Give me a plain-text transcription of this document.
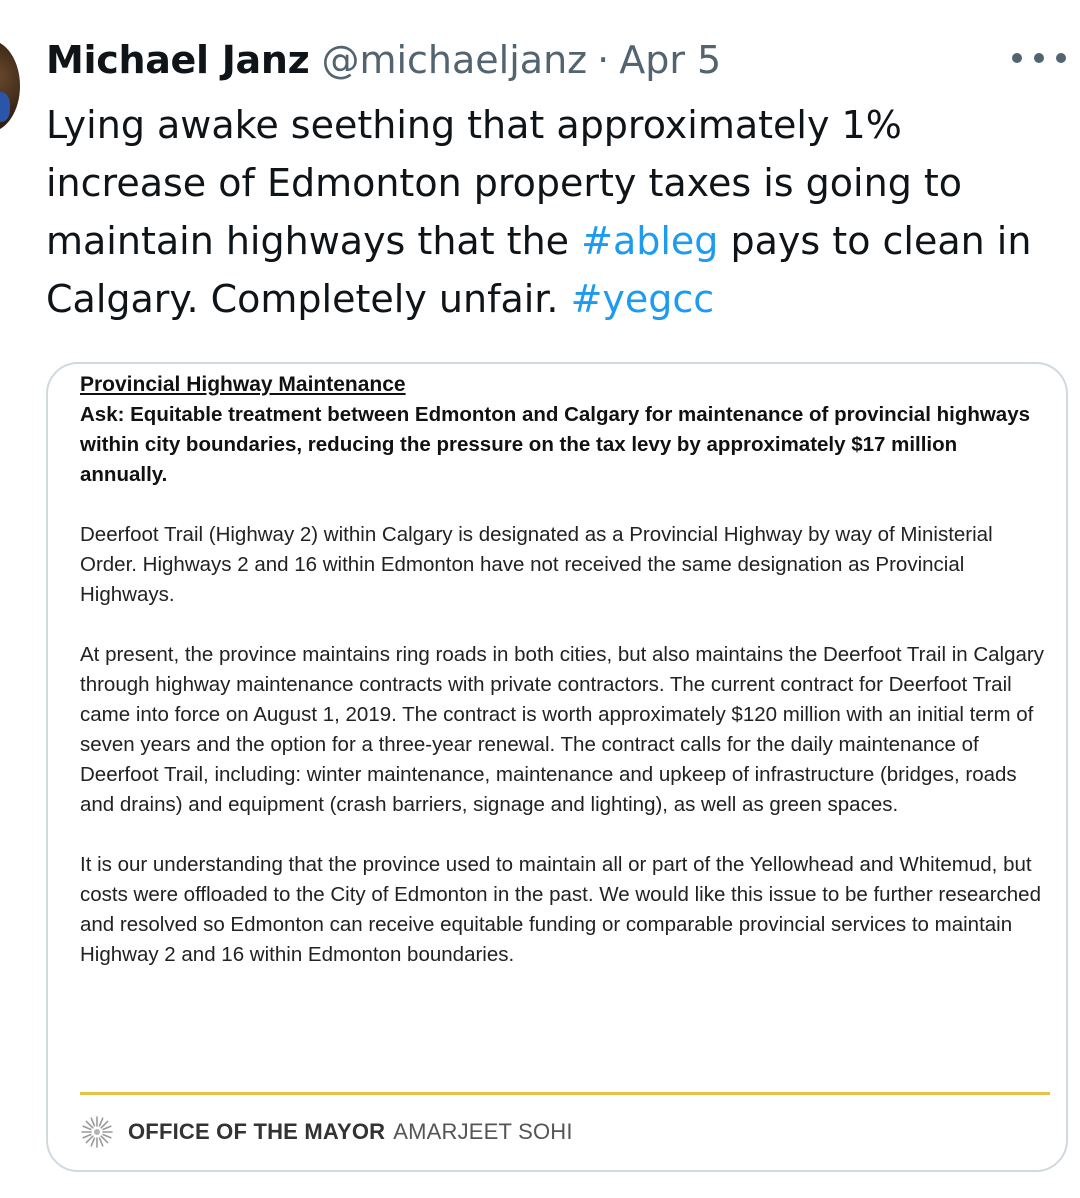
Michael Janz @michaeljanz · Apr 5
Lying awake seething that approximately 1% increase of Edmonton property taxes is going to maintain highways that the #ableg pays to clean in Calgary. Completely unfair. #yegcc

Provincial Highway Maintenance

Ask: Equitable treatment between Edmonton and Calgary for maintenance of provincial highways within city boundaries, reducing the pressure on the tax levy by approximately $17 million annually.

Deerfoot Trail (Highway 2) within Calgary is designated as a Provincial Highway by way of Ministerial Order. Highways 2 and 16 within Edmonton have not received the same designation as Provincial Highways.

At present, the province maintains ring roads in both cities, but also maintains the Deerfoot Trail in Calgary through highway maintenance contracts with private contractors. The current contract for Deerfoot Trail came into force on August 1, 2019. The contract is worth approximately $120 million with an initial term of seven years and the option for a three-year renewal. The contract calls for the daily maintenance of Deerfoot Trail, including: winter maintenance, maintenance and upkeep of infrastructure (bridges, roads and drains) and equipment (crash barriers, signage and lighting), as well as green spaces.

It is our understanding that the province used to maintain all or part of the Yellowhead and Whitemud, but costs were offloaded to the City of Edmonton in the past. We would like this issue to be further researched and resolved so Edmonton can receive equitable funding or comparable provincial services to maintain Highway 2 and 16 within Edmonton boundaries.

OFFICE OF THE MAYOR AMARJEET SOHI
